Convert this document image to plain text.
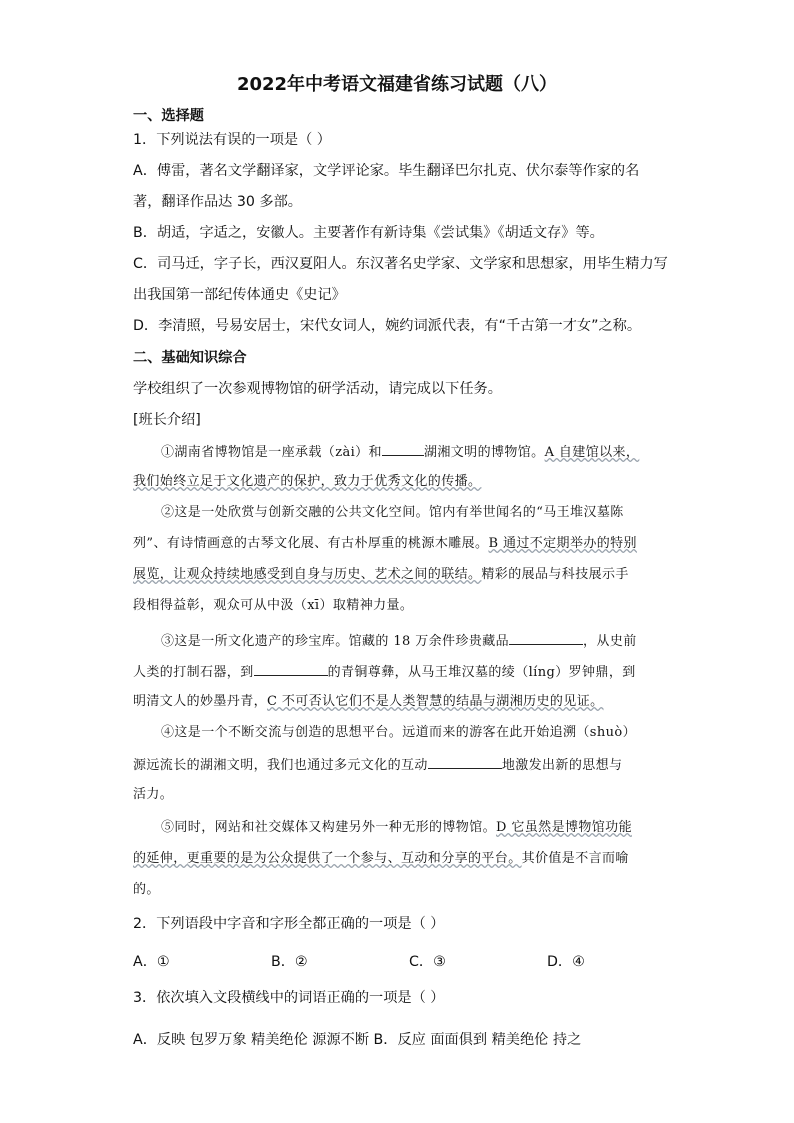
2022年中考语文福建省练习试题（八）
一、选择题
1．下列说法有误的一项是（ ）
A．傅雷，著名文学翻译家，文学评论家。毕生翻译巴尔扎克、伏尔泰等作家的名
著，翻译作品达 30 多部。
B．胡适，字适之，安徽人。主要著作有新诗集《尝试集》《胡适文存》等。
C．司马迁，字子长，西汉夏阳人。东汉著名史学家、文学家和思想家，用毕生精力写
出我国第一部纪传体通史《史记》
D．李清照，号易安居士，宋代女词人，婉约词派代表，有“千古第一才女”之称。
二、基础知识综合
学校组织了一次参观博物馆的研学活动，请完成以下任务。
[班长介绍]
①湖南省博物馆是一座承载（zài）和	湖湘文明的博物馆。A 自建馆以来，
我们始终立足于文化遗产的保护，致力于优秀文化的传播。
②这是一处欣赏与创新交融的公共文化空间。馆内有举世闻名的“马王堆汉墓陈
列”、有诗情画意的古琴文化展、有古朴厚重的桃源木雕展。B 通过不定期举办的特别
展览，让观众持续地感受到自身与历史、艺术之间的联结。精彩的展品与科技展示手
段相得益彰，观众可从中汲（xī）取精神力量。
③这是一所文化遗产的珍宝库。馆藏的 18 万余件珍贵藏品	，从史前
人类的打制石器，到	的青铜尊彝，从马王堆汉墓的绫（líng）罗钟鼎，到
明清文人的妙墨丹青，C 不可否认它们不是人类智慧的结晶与湖湘历史的见证。
④这是一个不断交流与创造的思想平台。远道而来的游客在此开始追溯（shuò）
源远流长的湖湘文明，我们也通过多元文化的互动	地激发出新的思想与
活力。
⑤同时，网站和社交媒体又构建另外一种无形的博物馆。D 它虽然是博物馆功能
的延伸，更重要的是为公众提供了一个参与、互动和分享的平台。其价值是不言而喻
的。
2．下列语段中字音和字形全都正确的一项是（ ）
A．①	B．②	C．③	D．④
3．依次填入文段横线中的词语正确的一项是（ ）
A．反映 包罗万象 精美绝伦 源源不断 B．反应 面面俱到 精美绝伦 持之
